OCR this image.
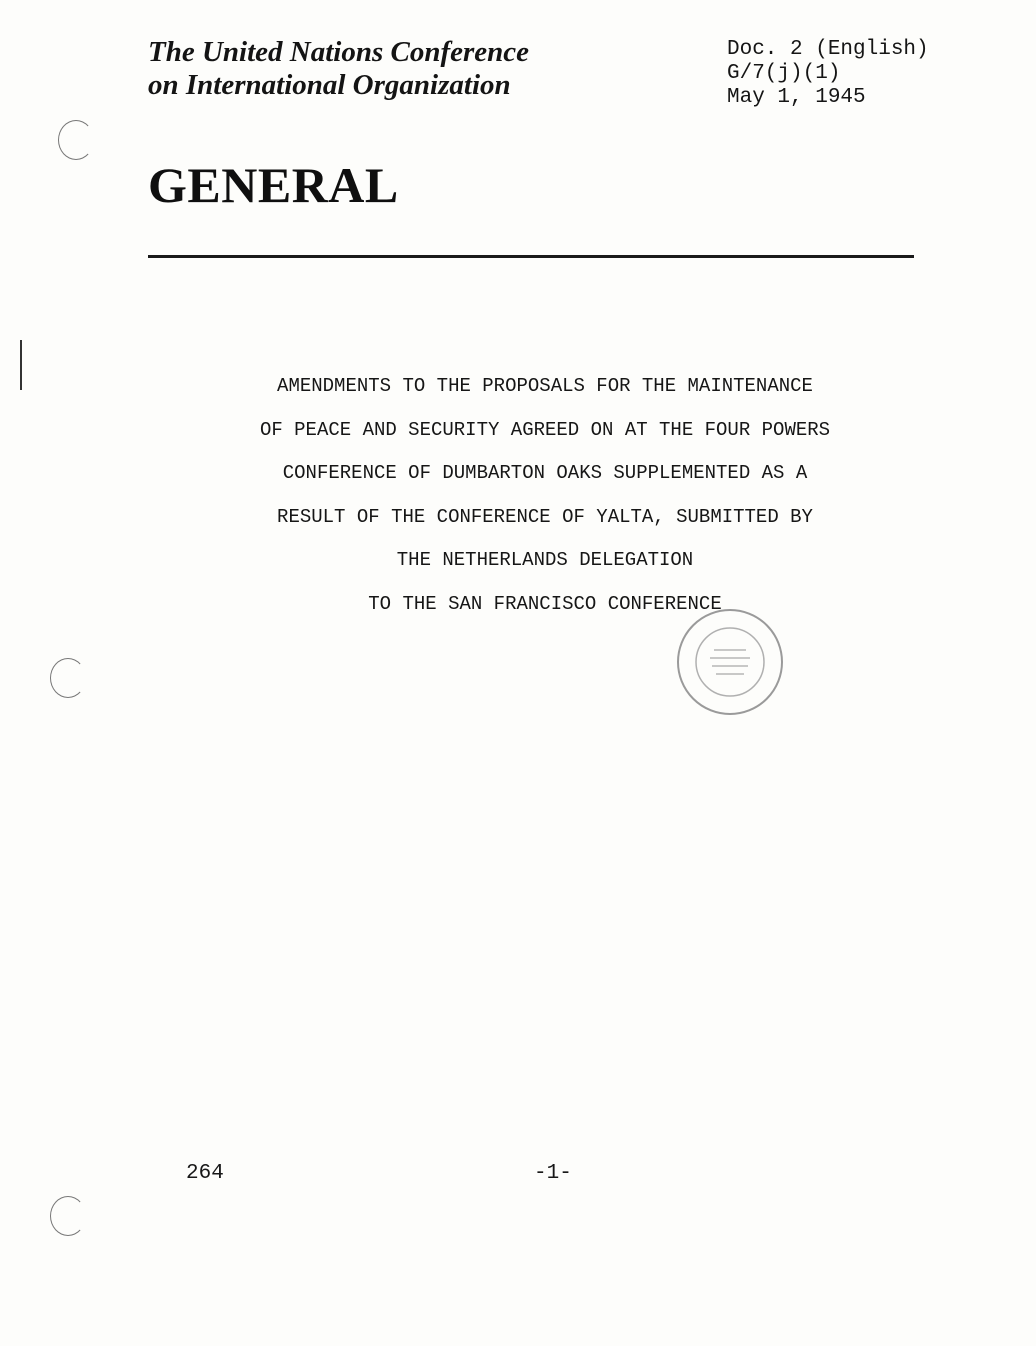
The United Nations Conference
on International Organization
Doc. 2 (English)
G/7(j)(1)
May 1, 1945
GENERAL
AMENDMENTS TO THE PROPOSALS FOR THE MAINTENANCE
OF PEACE AND SECURITY AGREED ON AT THE FOUR POWERS
CONFERENCE OF DUMBARTON OAKS SUPPLEMENTED AS A
RESULT OF THE CONFERENCE OF YALTA, SUBMITTED BY
THE NETHERLANDS DELEGATION
TO THE SAN FRANCISCO CONFERENCE
264	-1-
